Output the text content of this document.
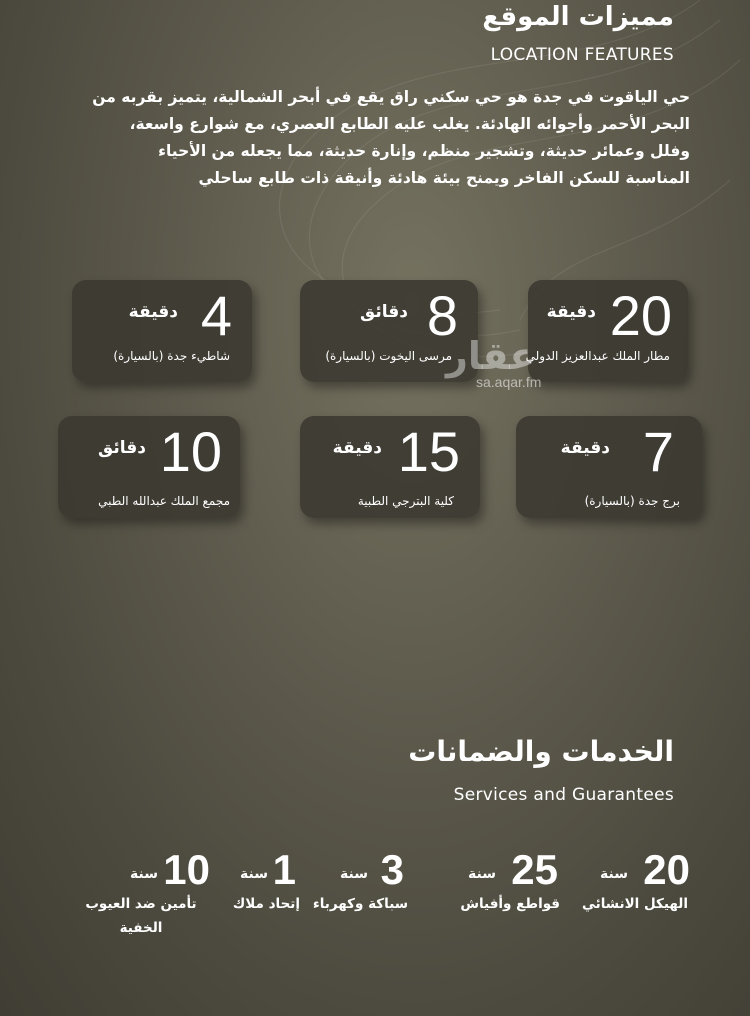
مميزات الموقع
LOCATION FEATURES

حي الياقوت في جدة هو حي سكني راق يقع في أبحر الشمالية، يتميز بقربه من

البحر الأحمر وأجوائه الهادئة. يغلب عليه الطابع العصري، مع شوارع واسعة،

وفلل وعمائر حديثة، وتشجير منظم، وإنارة حديثة، مما يجعله من الأحياء

المناسبة للسكن الفاخر ويمنح بيئة هادئة وأنيقة ذات طابع ساحلي

20
دقيقة
مطار الملك عبدالعزيز الدولي
8
دقائق
مرسى اليخوت (بالسيارة)
4
دقيقة
شاطيء جدة (بالسيارة)	عقار
sa.aqar.fm
7
دقيقة
برج جدة (بالسيارة)
15
دقيقة
كلية البترجي الطبية
10
دقائق
مجمع الملك عبدالله الطبي
الخدمات والضمانات
Services and Guarantees
20
سنة
الهيكل الانشائي
25
سنة
قواطع وأفياش
3
سنة
سباكة وكهرباء
1
سنة
إتحاد ملاك
10
سنة
تأمين ضد العيوب الخفية
